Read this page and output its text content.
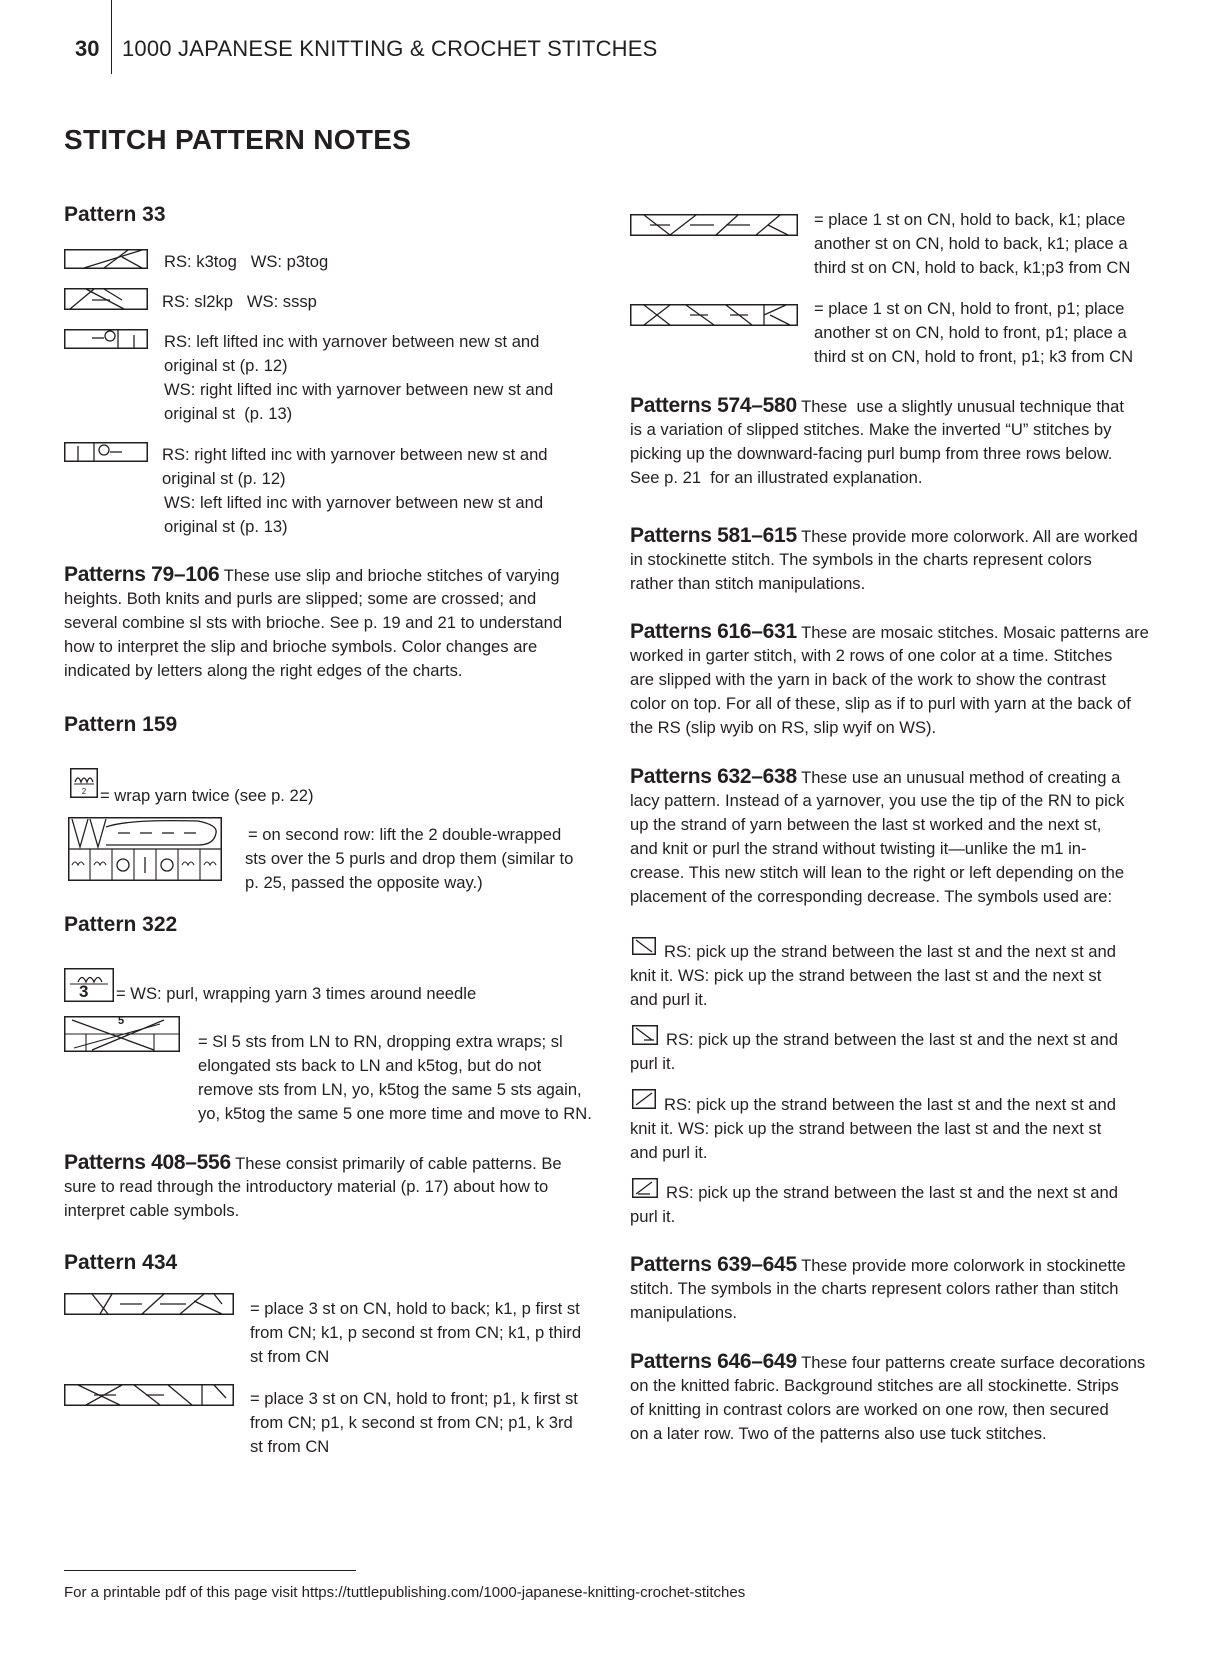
30 1000 JAPANESE KNITTING & CROCHET STITCHES
STITCH PATTERN NOTES
Pattern 33
RS: k3tog   WS: p3tog
RS: sl2kp   WS: sssp
RS: left lifted inc with yarnover between new st and
original st (p. 12)
WS: right lifted inc with yarnover between new st and
original st  (p. 13)
RS: right lifted inc with yarnover between new st and
original st (p. 12)
WS: left lifted inc with yarnover between new st and
original st (p. 13)
Patterns 79–106 These use slip and brioche stitches of varying
heights. Both knits and purls are slipped; some are crossed; and
several combine sl sts with brioche. See p. 19 and 21 to understand
how to interpret the slip and brioche symbols. Color changes are
indicated by letters along the right edges of the charts.
Pattern 159
2 = wrap yarn twice (see p. 22)
= on second row: lift the 2 double-wrapped
sts over the 5 purls and drop them (similar to
p. 25, passed the opposite way.)
Pattern 322
3 = WS: purl, wrapping yarn 3 times around needle
5
= Sl 5 sts from LN to RN, dropping extra wraps; sl
elongated sts back to LN and k5tog, but do not
remove sts from LN, yo, k5tog the same 5 sts again,
yo, k5tog the same 5 one more time and move to RN.
Patterns 408–556 These consist primarily of cable patterns. Be
sure to read through the introductory material (p. 17) about how to
interpret cable symbols.
Pattern 434
= place 3 st on CN, hold to back; k1, p first st
from CN; k1, p second st from CN; k1, p third
st from CN
= place 3 st on CN, hold to front; p1, k first st
from CN; p1, k second st from CN; p1, k 3rd
st from CN
= place 1 st on CN, hold to back, k1; place
another st on CN, hold to back, k1; place a
third st on CN, hold to back, k1;p3 from CN
= place 1 st on CN, hold to front, p1; place
another st on CN, hold to front, p1; place a
third st on CN, hold to front, p1; k3 from CN
Patterns 574–580 These  use a slightly unusual technique that
is a variation of slipped stitches. Make the inverted “U” stitches by
picking up the downward-facing purl bump from three rows below.
See p. 21  for an illustrated explanation.
Patterns 581–615 These provide more colorwork. All are worked
in stockinette stitch. The symbols in the charts represent colors
rather than stitch manipulations.
Patterns 616–631 These are mosaic stitches. Mosaic patterns are
worked in garter stitch, with 2 rows of one color at a time. Stitches
are slipped with the yarn in back of the work to show the contrast
color on top. For all of these, slip as if to purl with yarn at the back of
the RS (slip wyib on RS, slip wyif on WS).
Patterns 632–638 These use an unusual method of creating a
lacy pattern. Instead of a yarnover, you use the tip of the RN to pick
up the strand of yarn between the last st worked and the next st,
and knit or purl the strand without twisting it—unlike the m1 in-
crease. This new stitch will lean to the right or left depending on the
placement of the corresponding decrease. The symbols used are:
RS: pick up the strand between the last st and the next st and
knit it. WS: pick up the strand between the last st and the next st
and purl it.
RS: pick up the strand between the last st and the next st and
purl it.
RS: pick up the strand between the last st and the next st and
knit it. WS: pick up the strand between the last st and the next st
and purl it.
RS: pick up the strand between the last st and the next st and
purl it.
Patterns 639–645 These provide more colorwork in stockinette
stitch. The symbols in the charts represent colors rather than stitch
manipulations.
Patterns 646–649 These four patterns create surface decorations
on the knitted fabric. Background stitches are all stockinette. Strips
of knitting in contrast colors are worked on one row, then secured
on a later row. Two of the patterns also use tuck stitches.
For a printable pdf of this page visit https://tuttlepublishing.com/1000-japanese-knitting-crochet-stitches
